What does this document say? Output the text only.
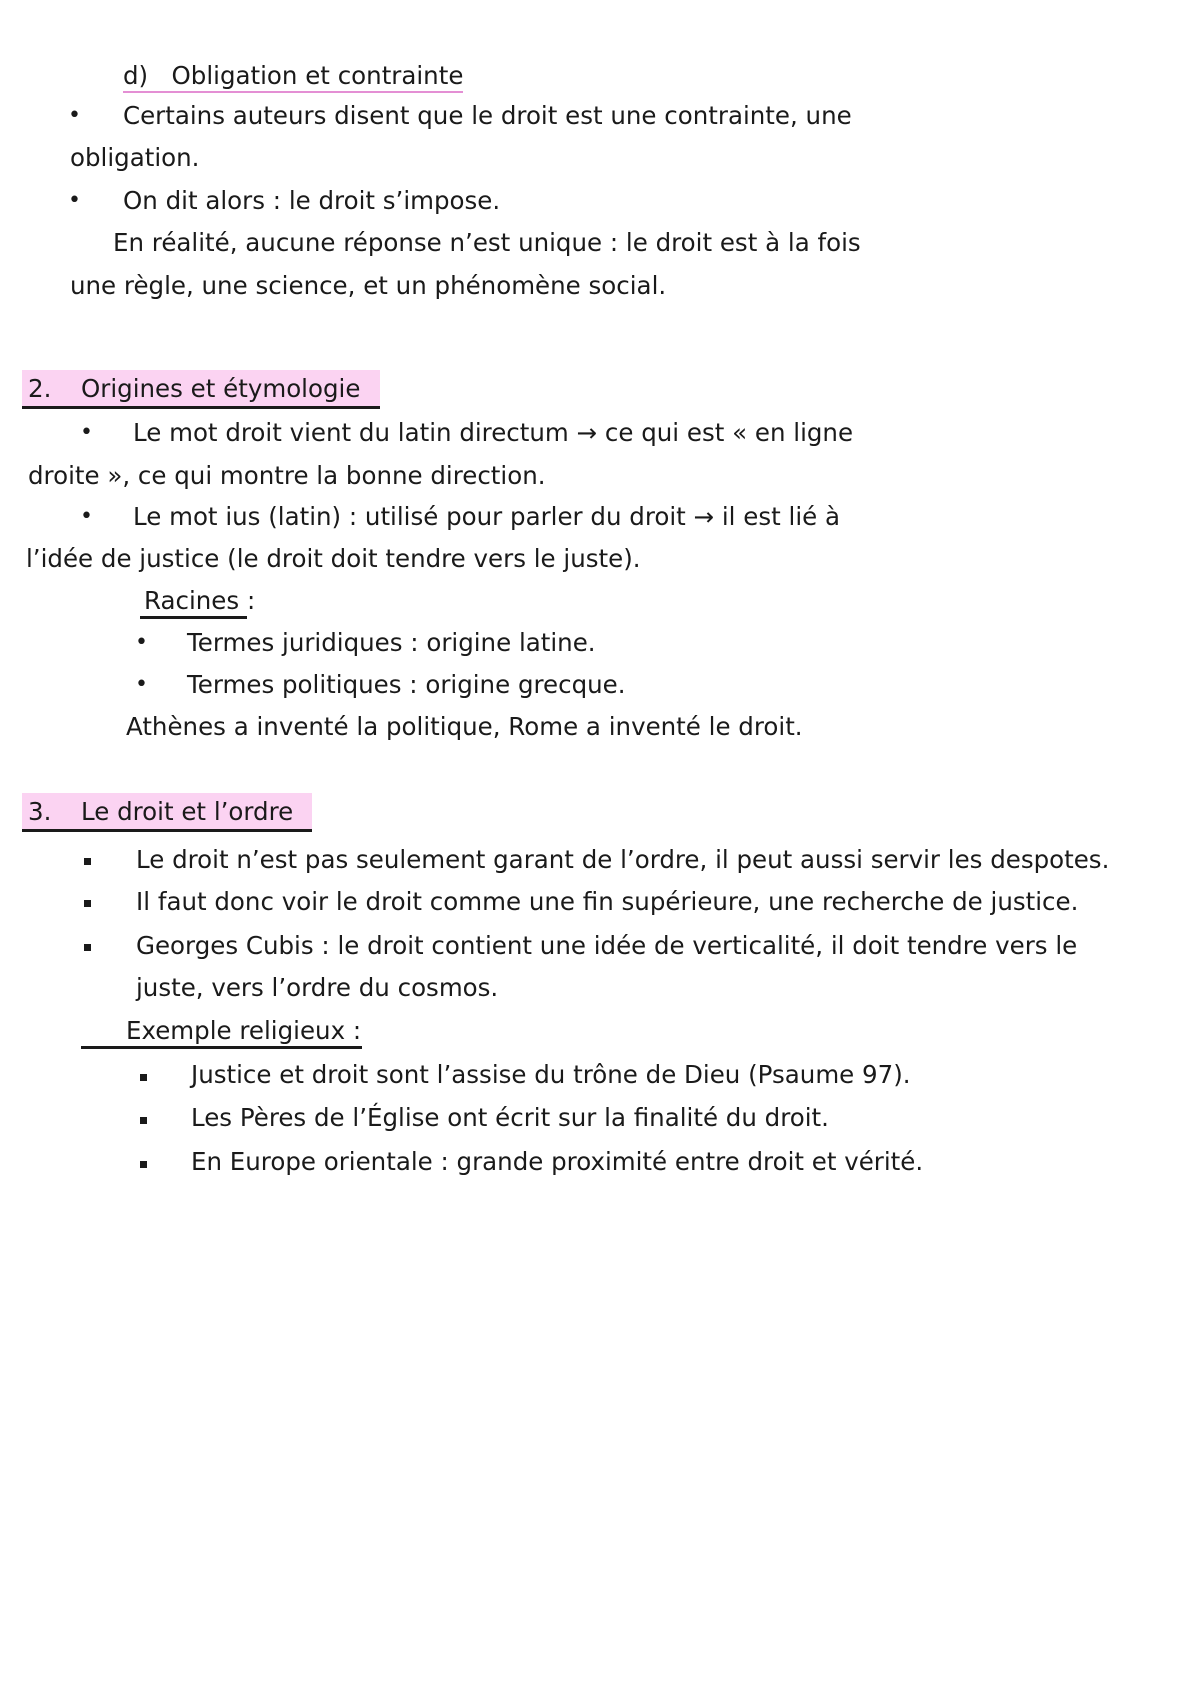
d) Obligation et contrainte
• Certains auteurs disent que le droit est une contrainte, une
obligation.
• On dit alors : le droit s’impose.
En réalité, aucune réponse n’est unique : le droit est à la fois
une règle, une science, et un phénomène social.
2. Origines et étymologie
• Le mot droit vient du latin directum → ce qui est « en ligne
droite », ce qui montre la bonne direction.
• Le mot ius (latin) : utilisé pour parler du droit → il est lié à
l’idée de justice (le droit doit tendre vers le juste).
Racines :
• Termes juridiques : origine latine.
• Termes politiques : origine grecque.
Athènes a inventé la politique, Rome a inventé le droit.
3. Le droit et l’ordre
Le droit n’est pas seulement garant de l’ordre, il peut aussi servir les despotes.
Il faut donc voir le droit comme une fin supérieure, une recherche de justice.
Georges Cubis : le droit contient une idée de verticalité, il doit tendre vers le
juste, vers l’ordre du cosmos.
Exemple religieux :
Justice et droit sont l’assise du trône de Dieu (Psaume 97).
Les Pères de l’Église ont écrit sur la finalité du droit.
En Europe orientale : grande proximité entre droit et vérité.
